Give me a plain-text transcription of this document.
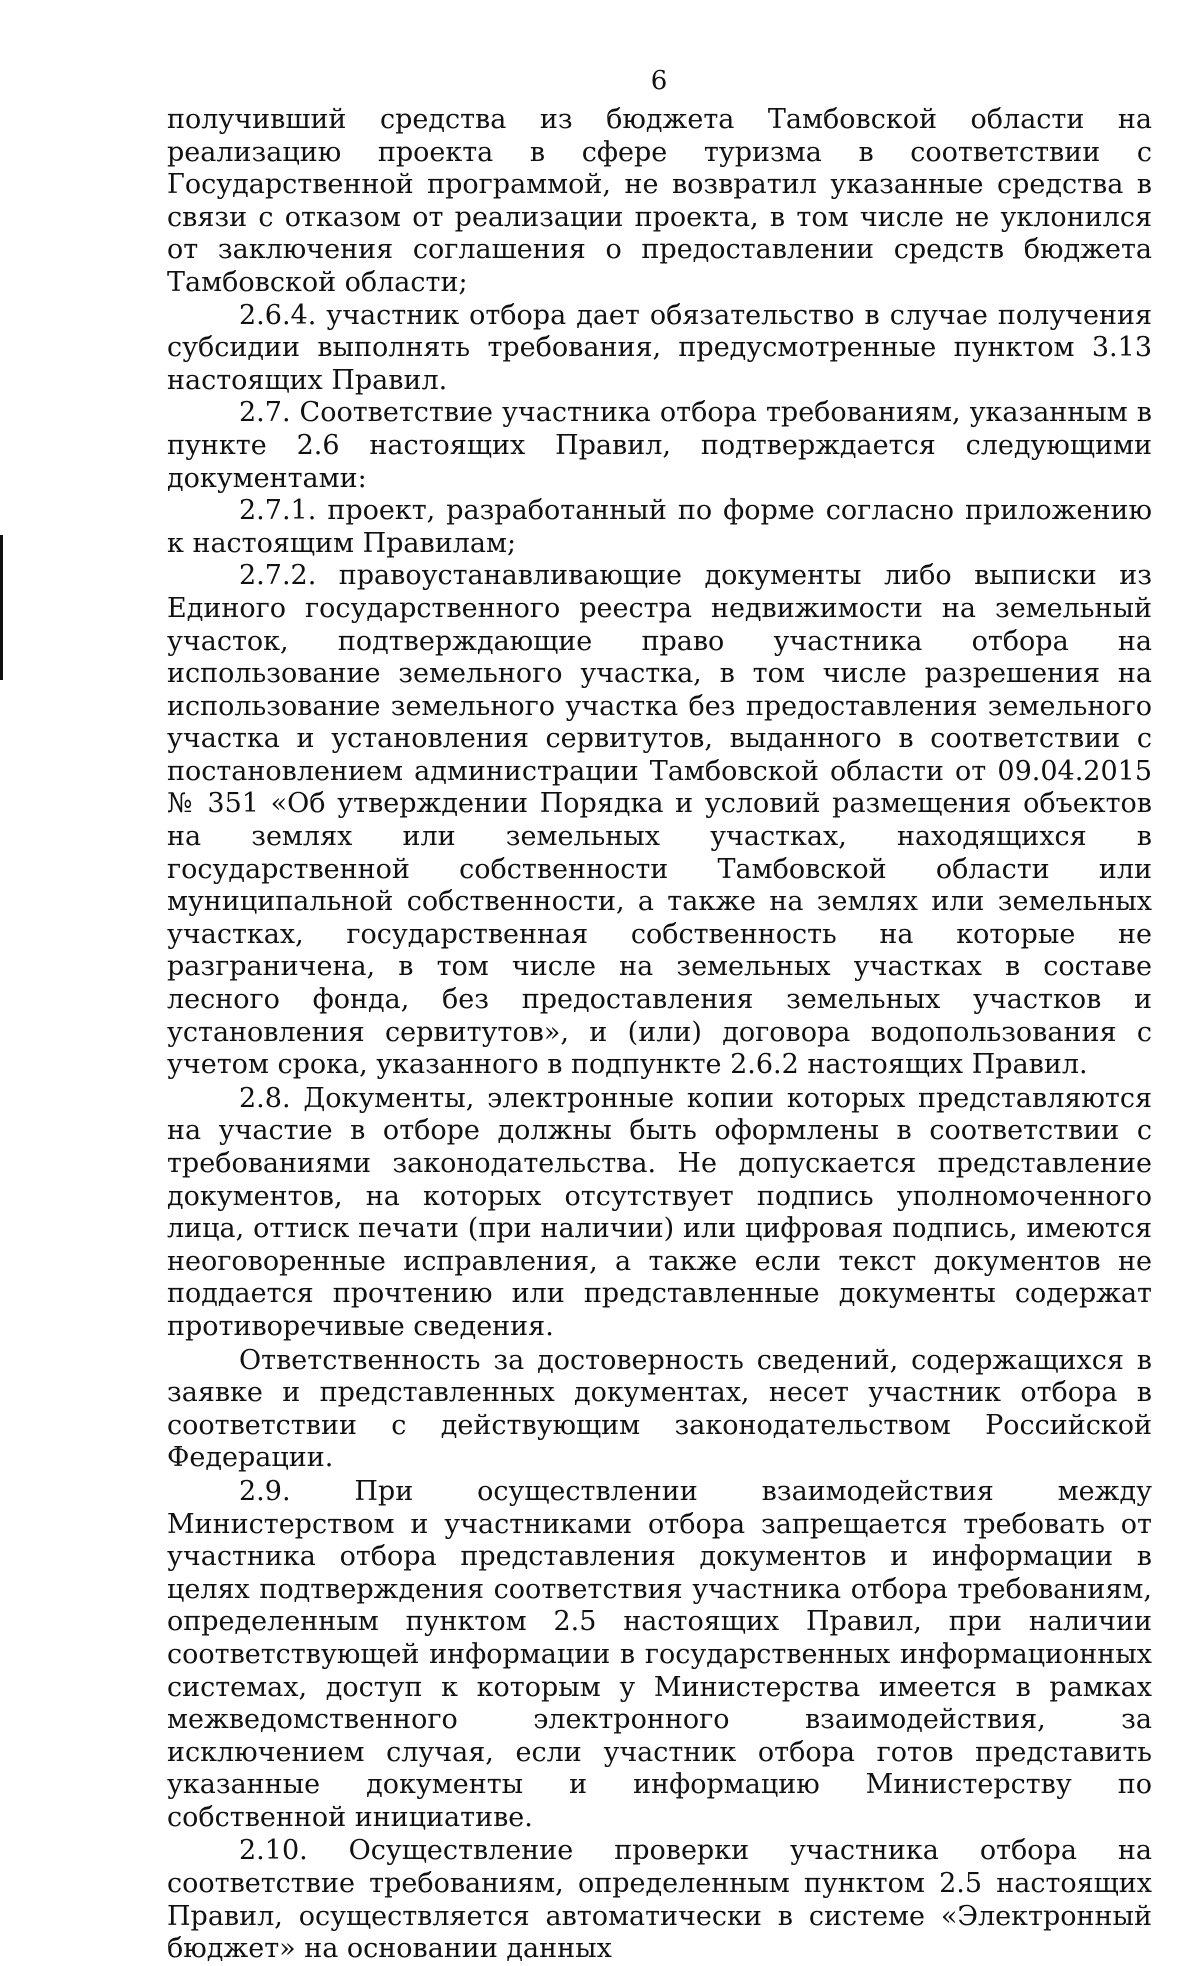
6

получивший средства из бюджета Тамбовской области на реализацию проекта в сфере туризма в соответствии с Государственной программой, не возвратил указанные средства в связи с отказом от реализации проекта, в том числе не уклонился от заключения соглашения о предоставлении средств бюджета Тамбовской области;

2.6.4. участник отбора дает обязательство в случае получения субсидии выполнять требования, предусмотренные пунктом 3.13 настоящих Правил.

2.7. Соответствие участника отбора требованиям, указанным в пункте 2.6 настоящих Правил, подтверждается следующими документами:

2.7.1. проект, разработанный по форме согласно приложению к настоящим Правилам;

2.7.2. правоустанавливающие документы либо выписки из Единого государственного реестра недвижимости на земельный участок, подтверждающие право участника отбора на использование земельного участка, в том числе разрешения на использование земельного участка без предоставления земельного участка и установления сервитутов, выданного в соответствии с постановлением администрации Тамбовской области от 09.04.2015 № 351 «Об утверждении Порядка и условий размещения объектов на землях или земельных участках, находящихся в государственной собственности Тамбовской области или муниципальной собственности, а также на землях или земельных участках, государственная собственность на которые не разграничена, в том числе на земельных участках в составе лесного фонда, без предоставления земельных участков и установления сервитутов», и (или) договора водопользования с учетом срока, указанного в подпункте 2.6.2 настоящих Правил.

2.8. Документы, электронные копии которых представляются на участие в отборе должны быть оформлены в соответствии с требованиями законодательства. Не допускается представление документов, на которых отсутствует подпись уполномоченного лица, оттиск печати (при наличии) или цифровая подпись, имеются неоговоренные исправления, а также если текст документов не поддается прочтению или представленные документы содержат противоречивые сведения.

Ответственность за достоверность сведений, содержащихся в заявке и представленных документах, несет участник отбора в соответствии с действующим законодательством Российской Федерации.

2.9. При осуществлении взаимодействия между Министерством и участниками отбора запрещается требовать от участника отбора представления документов и информации в целях подтверждения соответствия участника отбора требованиям, определенным пунктом 2.5 настоящих Правил, при наличии соответствующей информации в государственных информационных системах, доступ к которым у Министерства имеется в рамках межведомственного электронного взаимодействия, за исключением случая, если участник отбора готов представить указанные документы и информацию Министерству по собственной инициативе.

2.10. Осуществление проверки участника отбора на соответствие требованиям, определенным пунктом 2.5 настоящих Правил, осуществляется автоматически в системе «Электронный бюджет» на основании данных
